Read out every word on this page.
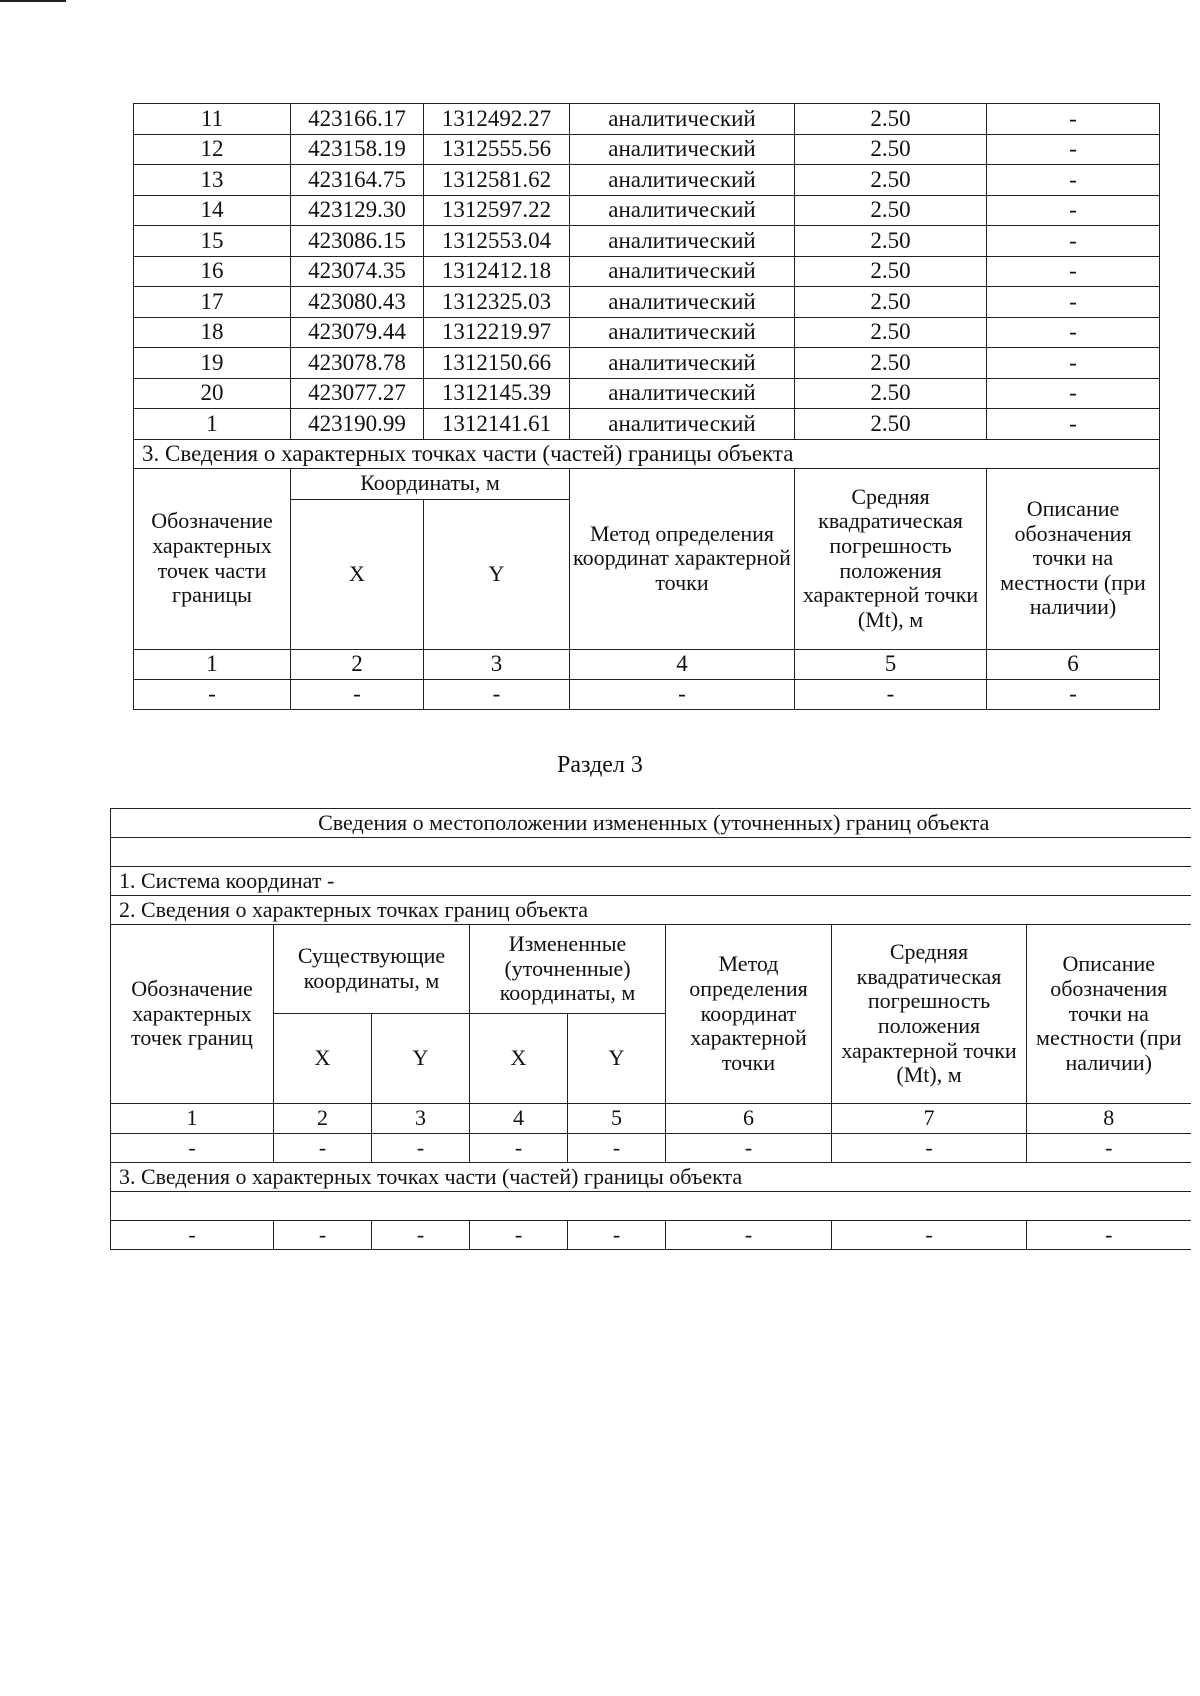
11	423166.17	1312492.27	аналитический	2.50	-
12	423158.19	1312555.56	аналитический	2.50	-
13	423164.75	1312581.62	аналитический	2.50	-
14	423129.30	1312597.22	аналитический	2.50	-
15	423086.15	1312553.04	аналитический	2.50	-
16	423074.35	1312412.18	аналитический	2.50	-
17	423080.43	1312325.03	аналитический	2.50	-
18	423079.44	1312219.97	аналитический	2.50	-
19	423078.78	1312150.66	аналитический	2.50	-
20	423077.27	1312145.39	аналитический	2.50	-
1	423190.99	1312141.61	аналитический	2.50	-
3. Сведения о характерных точках части (частей) границы объекта					
Обозначение характерных точек части границы	Координаты, м		Метод определения координат характерной точки	Средняя квадратическая погрешность положения характерной точки (Mt), м	Описание обозначения точки на местности (при наличии)
	X	Y			
1	2	3	4	5	6
-	-	-	-	-	-
Раздел 3
Сведения о местоположении измененных (уточненных) границ объекта							

1. Система координат -							
2. Сведения о характерных точках границ объекта							
Обозначение характерных точек границ	Существующие координаты, м		Измененные (уточненные) координаты, м		Метод определения координат характерной точки	Средняя квадратическая погрешность положения характерной точки (Mt), м	Описание обозначения точки на местности (при наличии)
	X	Y	X	Y			
1	2	3	4	5	6	7	8
-	-	-	-	-	-	-	-
3. Сведения о характерных точках части (частей) границы объекта							

-	-	-	-	-	-	-	-
